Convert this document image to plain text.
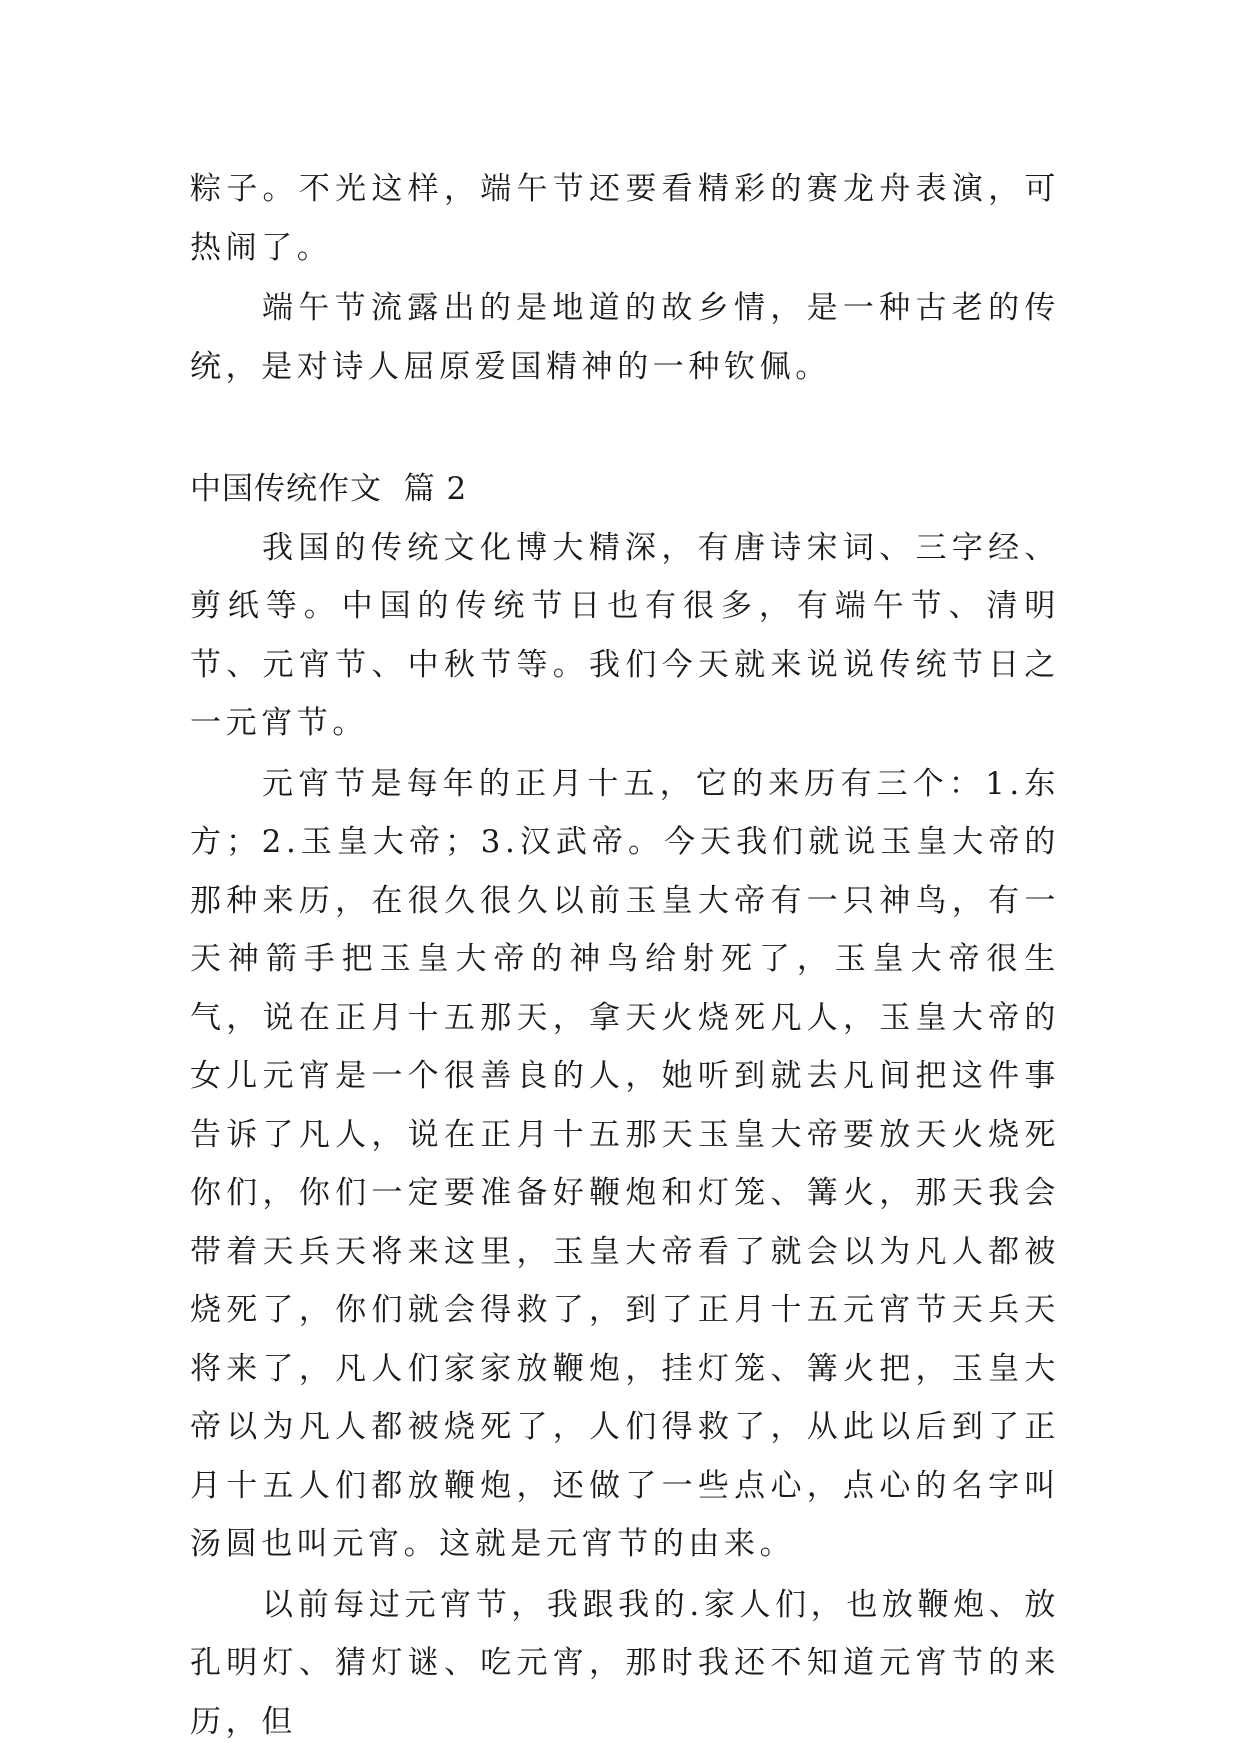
粽子。不光这样，端午节还要看精彩的赛龙舟表演，可热闹了。

端午节流露出的是地道的故乡情，是一种古老的传统，是对诗人屈原爱国精神的一种钦佩。

中国传统作文  篇 2

我国的传统文化博大精深，有唐诗宋词、三字经、剪纸等。中国的传统节日也有很多，有端午节、清明节、元宵节、中秋节等。我们今天就来说说传统节日之一元宵节。

元宵节是每年的正月十五，它的来历有三个：1.东方；2.玉皇大帝；3.汉武帝。今天我们就说玉皇大帝的那种来历，在很久很久以前玉皇大帝有一只神鸟，有一天神箭手把玉皇大帝的神鸟给射死了，玉皇大帝很生气，说在正月十五那天，拿天火烧死凡人，玉皇大帝的女儿元宵是一个很善良的人，她听到就去凡间把这件事告诉了凡人，说在正月十五那天玉皇大帝要放天火烧死你们，你们一定要准备好鞭炮和灯笼、篝火，那天我会带着天兵天将来这里，玉皇大帝看了就会以为凡人都被烧死了，你们就会得救了，到了正月十五元宵节天兵天将来了，凡人们家家放鞭炮，挂灯笼、篝火把，玉皇大帝以为凡人都被烧死了，人们得救了，从此以后到了正月十五人们都放鞭炮，还做了一些点心，点心的名字叫汤圆也叫元宵。这就是元宵节的由来。

以前每过元宵节，我跟我的.家人们，也放鞭炮、放孔明灯、猜灯谜、吃元宵，那时我还不知道元宵节的来历，但
